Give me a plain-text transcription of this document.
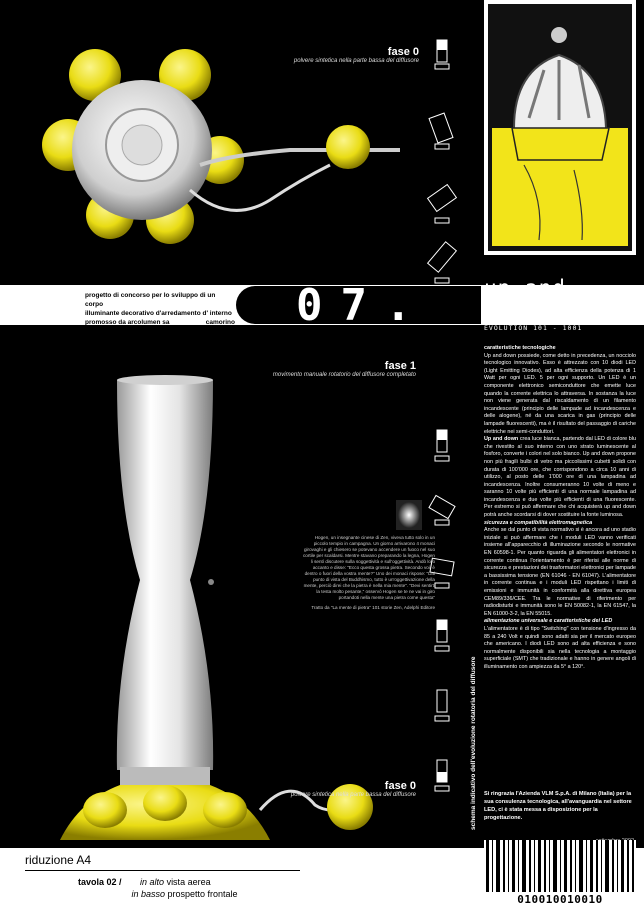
fase 0
polvere sintetica nella parte bassa del diffusore
progetto di concorso per lo sviluppo di un corpo
illuminante decorativo d'arredamento d' interno
promosso da arcolumen sa	camorino 07.	up and
down
EVOLUTION 101 - 1001
fase 1
movimento manuale rotatorio del diffusore completato
Hogen, un insegnante cinese di Zen, viveva tutto solo in un piccolo tempio in campagna. Un giorno arrivarono 4 monaci girovaghi e gli chiesero se potevano accendere un fuoco nel suo cortile per scaldarsi. Mentre stavano preparando la legna, Hogen li sentì discutere sulla soggettività e sull'oggettività. Andò loro accanto e disse: "Ecco questa grossa pietra. Secondo voi, è dentro o fuori della vostra mente?" Uno dei monaci rispose: "Dal punto di vista del Buddhismo, tutto è un'oggettivazione della mente, perciò direi che la pietra è nella mia mente". "Devi sentirti la testa molto pesante," osservò Hogen se te ne vai in giro portandoti nella mente una pietra come questa"
Tratto da "La mente di pietra" 101 storie Zen, Adelphi Editore
fase 0
polvere sintetica nella parte bassa del diffusore
caratteristiche tecnologiche
Up and down possiede, come detto in precedenza, un nocciolo tecnologico innovativo. Esso è attrezzato con 10 diodi LED (Light Emitting Diodes), ad alta efficienza della potenza di 1 Watt per ogni LED. 5 per ogni supporto. Un LED è un componente elettronico semiconduttore che emette luce quando la corrente elettrica lo attraversa. In sostanza la luce non viene generata dal riscaldamento di un filamento incandescente (principio delle lampade ad incandescenza e delle alogene), né da una scarica in gas (principio delle lampade fluorescenti), ma è il risultato del passaggio di cariche elettriche nei semi-conduttori.
Up and down crea luce bianca, partendo dal LED di colore blu che rivestito al suo interno con uno strato luminescente al fosforo, converte i colori nel solo bianco. Up and down propone non più fragili bulbi di vetro ma piccolissimi cubetti solidi con durata di 100'000 ore, che corrispondono a circa 10 anni di utilizzo, al posto delle 1'000 ore di una lampadina ad incandescenza. Inoltre consumeranno 10 volte di meno e saranno 10 volte più efficienti di una normale lampadina ad incandescenza e due volte più efficienti di una fluorescente. Per estremo si può affermare che chi acquisterà up and down potrà anche scordarsi di dover sostituire la fonte luminosa.
sicurezza e compatibilità elettromagnetica
Anche se dal punto di vista normativo si è ancora ad uno stadio iniziale si può affermare che i moduli LED vanno verificati insieme all'apparecchio di illuminazione secondo le normative EN 60598-1. Per quanto riguarda gli alimentatori elettronici in corrente continua l'orientamento è per riferisi alle norme di sicurezza e prestazioni dei trasformatori elettronici per lampade a bassissima tensione (EN 61046 - EN 61047). L'alimentatore in corrente continua e i moduli LED rispettano i limiti di emissioni e immunità in conformità alla direttiva europea CEM89/336/CEE. Tra le normative di riferimento per radiodisturbi e immunità sono le EN 50082-1, la EN 61547, la EN 61000-3-2, la EN 55015.
alimentazione universale e caratteristiche dei LED
L'alimentatore è di tipo "Switching" con tensione d'ingresso da 85 a 240 Volt e quindi sono adatti sia per il mercato europeo che americano. I diodi LED sono ad alta efficienza e sono normalmente disponibili sia nella tecnologia a montaggio superficiale (SMT) che tradizionale e hanno in genere angoli di illuminamento con ampiezza da 5° a 120°.
schema indicativo dell'evoluzione rotatoria del diffusore Si ringrazia l'Azienda VLM S.p.A. di Milano (Italia) per la sua consulenza tecnologica, all'avanguardia nel settore LED, ci è stata messa a disposizione per la progettazione.
riduzione A4
tavola 02 / in alto vista aerea
in basso prospetto frontale	010010010010
